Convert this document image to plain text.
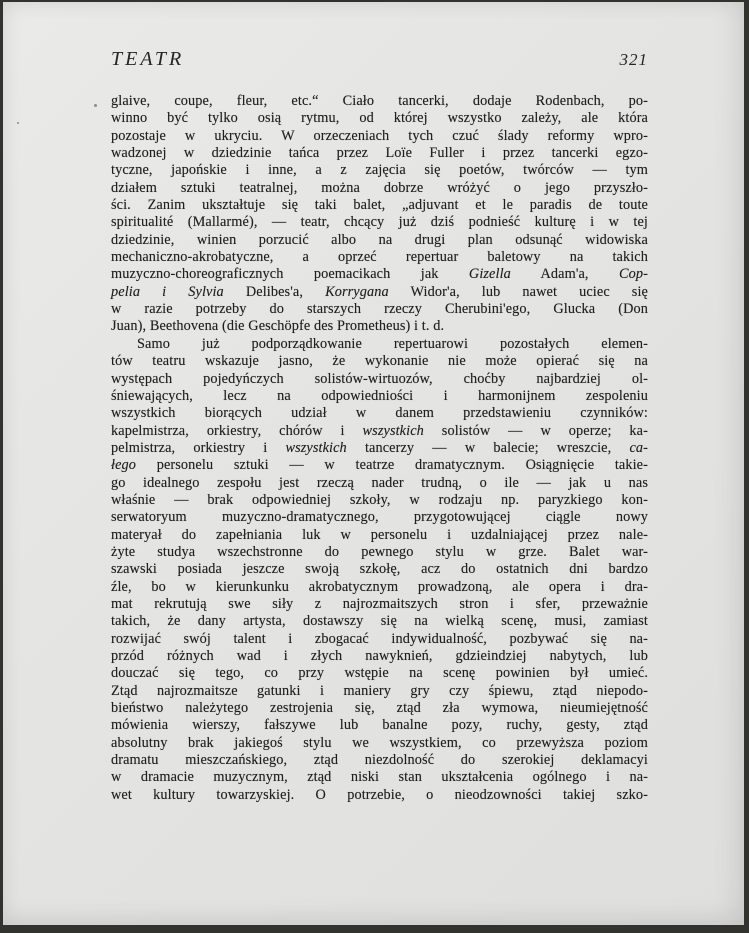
TEATR	321
glaive, coupe, fleur, etc.“ Ciało tancerki, dodaje Rodenbach, po-
winno być tylko osią rytmu, od której wszystko zależy, ale która
pozostaje w ukryciu. W orzeczeniach tych czuć ślady reformy wpro-
wadzonej w dziedzinie tańca przez Loïe Fuller i przez tancerki egzo-
tyczne, japońskie i inne, a z zajęcia się poetów, twórców — tym
działem sztuki teatralnej, można dobrze wróżyć o jego przyszło-
ści. Zanim ukształtuje się taki balet, „adjuvant et le paradis de toute
spiritualité (Mallarmé), — teatr, chcący już dziś podnieść kulturę i w tej
dziedzinie, winien porzucić albo na drugi plan odsunąć widowiska
mechaniczno-akrobatyczne, a oprzeć repertuar baletowy na takich
muzyczno-choreograficznych poemacikach jak Gizella Adam'a, Cop-
pelia i Sylvia Delibes'a, Korrygana Widor'a, lub nawet uciec się
w razie potrzeby do starszych rzeczy Cherubini'ego, Glucka (Don
Juan), Beethovena (die Geschöpfe des Prometheus) i t. d.
Samo już podporządkowanie repertuarowi pozostałych elemen-
tów teatru wskazuje jasno, że wykonanie nie może opierać się na
występach pojedyńczych solistów-wirtuozów, choćby najbardziej ol-
śniewających, lecz na odpowiedniości i harmonijnem zespoleniu
wszystkich biorących udział w danem przedstawieniu czynników:
kapelmistrza, orkiestry, chórów i wszystkich solistów — w operze; ka-
pelmistrza, orkiestry i wszystkich tancerzy — w balecie; wreszcie, ca-
łego personelu sztuki — w teatrze dramatycznym. Osiągnięcie takie-
go idealnego zespołu jest rzeczą nader trudną, o ile — jak u nas
właśnie — brak odpowiedniej szkoły, w rodzaju np. paryzkiego kon-
serwatoryum muzyczno-dramatycznego, przygotowującej ciągle nowy
materyał do zapełniania luk w personelu i uzdalniającej przez nale-
żyte studya wszechstronne do pewnego stylu w grze. Balet war-
szawski posiada jeszcze swoją szkołę, acz do ostatnich dni bardzo
źle, bo w kierunkunku akrobatycznym prowadzoną, ale opera i dra-
mat rekrutują swe siły z najrozmaitszych stron i sfer, przeważnie
takich, że dany artysta, dostawszy się na wielką scenę, musi, zamiast
rozwijać swój talent i zbogacać indywidualność, pozbywać się na-
przód różnych wad i złych nawyknień, gdzieindziej nabytych, lub
douczać się tego, co przy wstępie na scenę powinien był umieć.
Ztąd najrozmaitsze gatunki i maniery gry czy śpiewu, ztąd niepodo-
bieństwo należytego zestrojenia się, ztąd zła wymowa, nieumiejętność
mówienia wierszy, fałszywe lub banalne pozy, ruchy, gesty, ztąd
absolutny brak jakiegoś stylu we wszystkiem, co przewyższa poziom
dramatu mieszczańskiego, ztąd niezdolność do szerokiej deklamacyi
w dramacie muzycznym, ztąd niski stan ukształcenia ogólnego i na-
wet kultury towarzyskiej. O potrzebie, o nieodzowności takiej szko-
